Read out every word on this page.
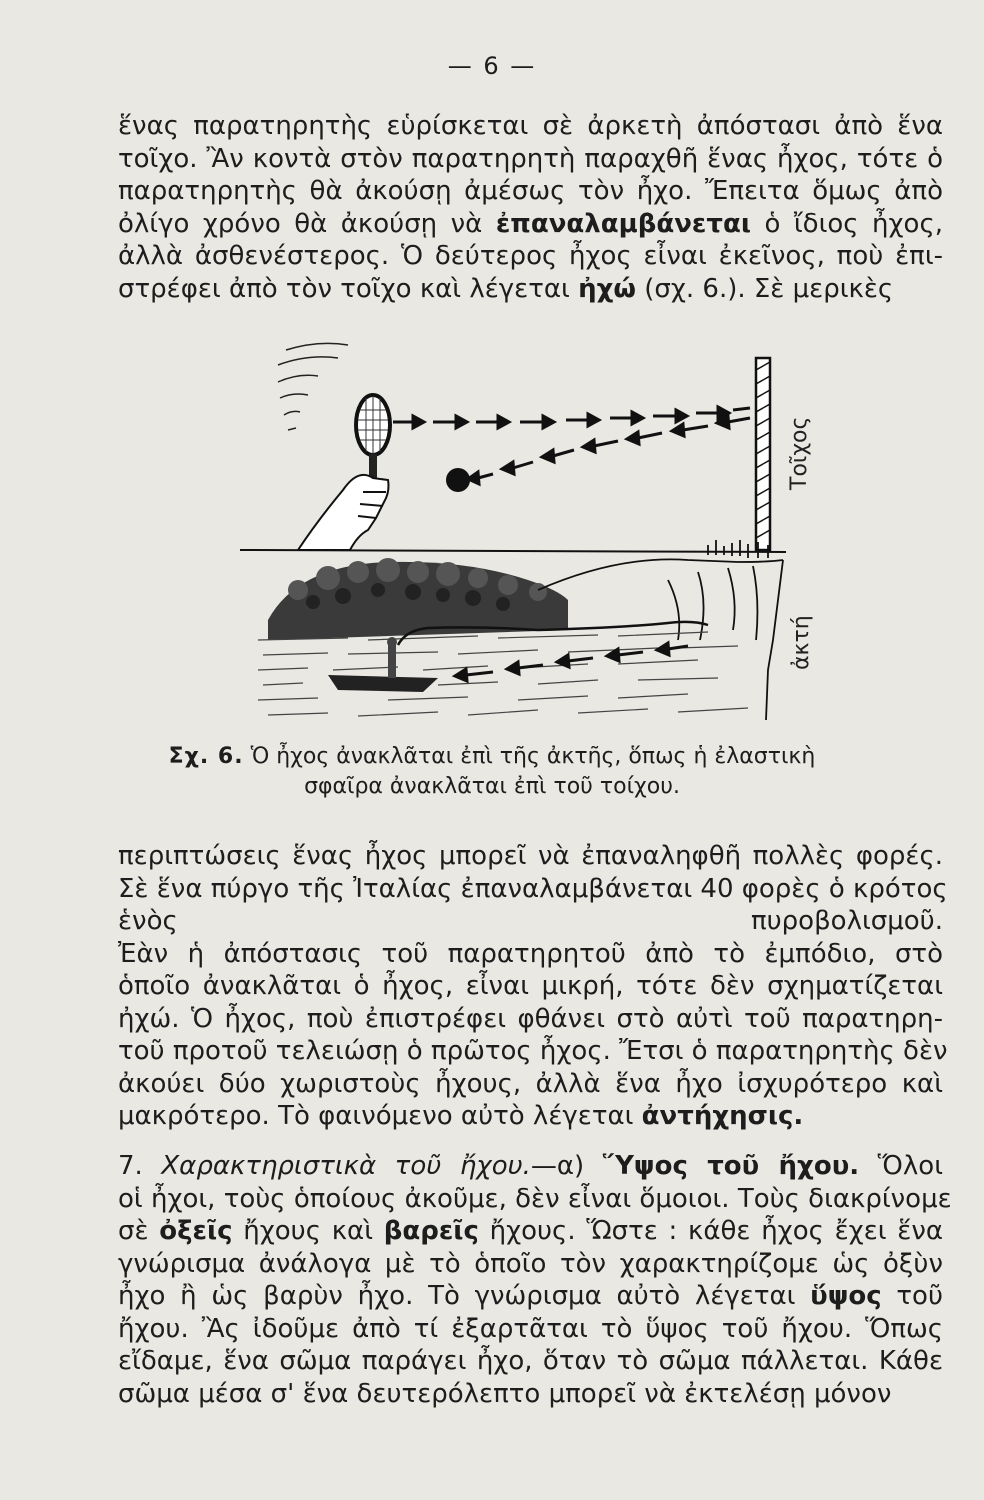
— 6 —
ἕνας παρατηρητὴς εὑρίσκεται σὲ ἀρκετὴ ἀπόστασι ἀπὸ ἕνα
τοῖχο. Ἂν κοντὰ στὸν παρατηρητὴ παραχθῆ ἕνας ἦχος, τότε ὁ
παρατηρητὴς θὰ ἀκούσῃ ἀμέσως τὸν ἦχο. Ἔπειτα ὅμως ἀπὸ
ὀλίγο χρόνο θὰ ἀκούσῃ νὰ ἐπαναλαμβάνεται ὁ ἴδιος ἦχος,
ἀλλὰ ἀσθενέστερος. Ὁ δεύτερος ἦχος εἶναι ἐκεῖνος, ποὺ ἐπι-
στρέφει ἀπὸ τὸν τοῖχο καὶ λέγεται ἠχώ (σχ. 6.). Σὲ μερικὲς
Τοῖχος
ἀκτή
Σχ. 6. Ὁ ἦχος ἀνακλᾶται ἐπὶ τῆς ἀκτῆς, ὅπως ἡ ἐλαστικὴ
σφαῖρα ἀνακλᾶται ἐπὶ τοῦ τοίχου.
περιπτώσεις ἕνας ἦχος μπορεῖ νὰ ἐπαναληφθῆ πολλὲς φορές.
Σὲ ἕνα πύργο τῆς Ἰταλίας ἐπαναλαμβάνεται 40 φορὲς ὁ κρότος
ἑνὸς πυροβολισμοῦ.
Ἐὰν ἡ ἀπόστασις τοῦ παρατηρητοῦ ἀπὸ τὸ ἐμπόδιο, στὸ
ὁποῖο ἀνακλᾶται ὁ ἦχος, εἶναι μικρή, τότε δὲν σχηματίζεται
ἠχώ. Ὁ ἦχος, ποὺ ἐπιστρέφει φθάνει στὸ αὐτὶ τοῦ παρατηρη-
τοῦ προτοῦ τελειώσῃ ὁ πρῶτος ἦχος. Ἔτσι ὁ παρατηρητὴς δὲν
ἀκούει δύο χωριστοὺς ἦχους, ἀλλὰ ἕνα ἦχο ἰσχυρότερο καὶ
μακρότερο. Τὸ φαινόμενο αὐτὸ λέγεται ἀντήχησις.
7. Χαρακτηριστικὰ τοῦ ἤχου.—α) Ὕψος τοῦ ἤχου. Ὅλοι
οἱ ἦχοι, τοὺς ὁποίους ἀκοῦμε, δὲν εἶναι ὅμοιοι. Τοὺς διακρίνομε
σὲ ὀξεῖς ἤχους καὶ βαρεῖς ἤχους. Ὥστε : κάθε ἦχος ἔχει ἕνα
γνώρισμα ἀνάλογα μὲ τὸ ὁποῖο τὸν χαρακτηρίζομε ὡς ὀξὺν
ἦχο ἢ ὡς βαρὺν ἦχο. Τὸ γνώρισμα αὐτὸ λέγεται ὕψος τοῦ
ἤχου. Ἂς ἰδοῦμε ἀπὸ τί ἐξαρτᾶται τὸ ὕψος τοῦ ἤχου. Ὅπως
εἴδαμε, ἕνα σῶμα παράγει ἦχο, ὅταν τὸ σῶμα πάλλεται. Κάθε
σῶμα μέσα σ' ἕνα δευτερόλεπτο μπορεῖ νὰ ἐκτελέσῃ μόνον
